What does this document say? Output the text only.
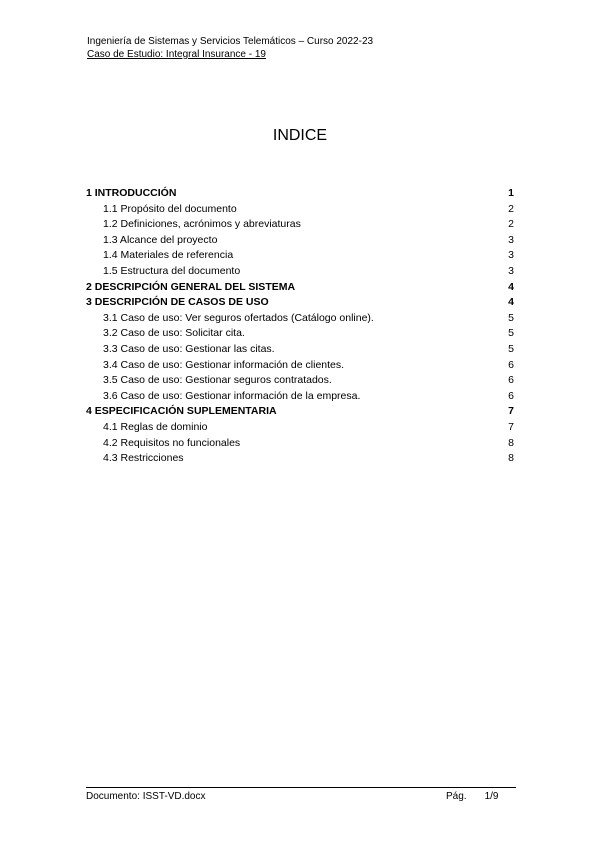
Ingeniería de Sistemas y Servicios Telemáticos – Curso 2022-23
Caso de Estudio: Integral Insurance - 19
INDICE
1 INTRODUCCIÓN	1
1.1 Propósito del documento	2
1.2 Definiciones, acrónimos y abreviaturas	2
1.3 Alcance del proyecto	3
1.4 Materiales de referencia	3
1.5 Estructura del documento	3
2 DESCRIPCIÓN GENERAL DEL SISTEMA	4
3 DESCRIPCIÓN DE CASOS DE USO	4
3.1 Caso de uso: Ver seguros ofertados (Catálogo online).	5
3.2 Caso de uso: Solicitar cita.	5
3.3 Caso de uso: Gestionar las citas.	5
3.4 Caso de uso: Gestionar información de clientes.	6
3.5 Caso de uso: Gestionar seguros contratados.	6
3.6 Caso de uso: Gestionar información de la empresa.	6
4 ESPECIFICACIÓN SUPLEMENTARIA	7
4.1 Reglas de dominio	7
4.2 Requisitos no funcionales	8
4.3 Restricciones	8
Documento: ISST-VD.docx	Pág. 1/9
